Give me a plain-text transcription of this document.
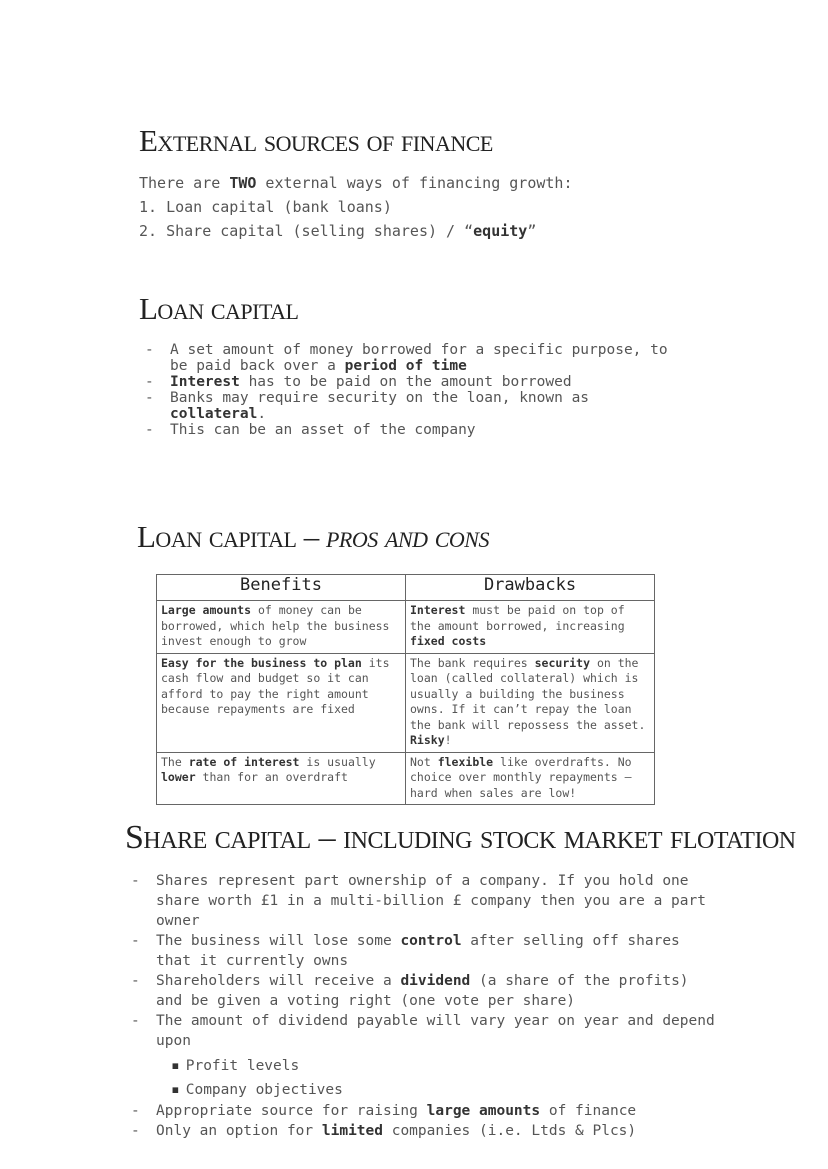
External sources of finance

There are TWO external ways of financing growth:

1. Loan capital (bank loans)
2. Share capital (selling shares) / “equity”
Loan capital
- A set amount of money borrowed for a specific purpose, to
be paid back over a period of time
- Interest has to be paid on the amount borrowed
- Banks may require security on the loan, known as
collateral.
- This can be an asset of the company
Loan capital – pros and cons
Benefits	Drawbacks
Large amounts of money can be borrowed, which help the business invest enough to grow	Interest must be paid on top of the amount borrowed, increasing fixed costs
Easy for the business to plan its cash flow and budget so it can afford to pay the right amount because repayments are fixed	The bank requires security on the loan (called collateral) which is usually a building the business owns. If it can’t repay the loan the bank will repossess the asset. Risky!
The rate of interest is usually lower than for an overdraft	Not flexible like overdrafts. No choice over monthly repayments – hard when sales are low!
Share capital – including stock market flotation
- Shares represent part ownership of a company. If you hold one
share worth £1 in a multi-billion £ company then you are a part
owner
- The business will lose some control after selling off shares
that it currently owns
- Shareholders will receive a dividend (a share of the profits)
and be given a voting right (one vote per share)
- The amount of dividend payable will vary year on year and depend
upon
▪ Profit levels
▪ Company objectives
- Appropriate source for raising large amounts of finance
- Only an option for limited companies (i.e. Ltds & Plcs)
